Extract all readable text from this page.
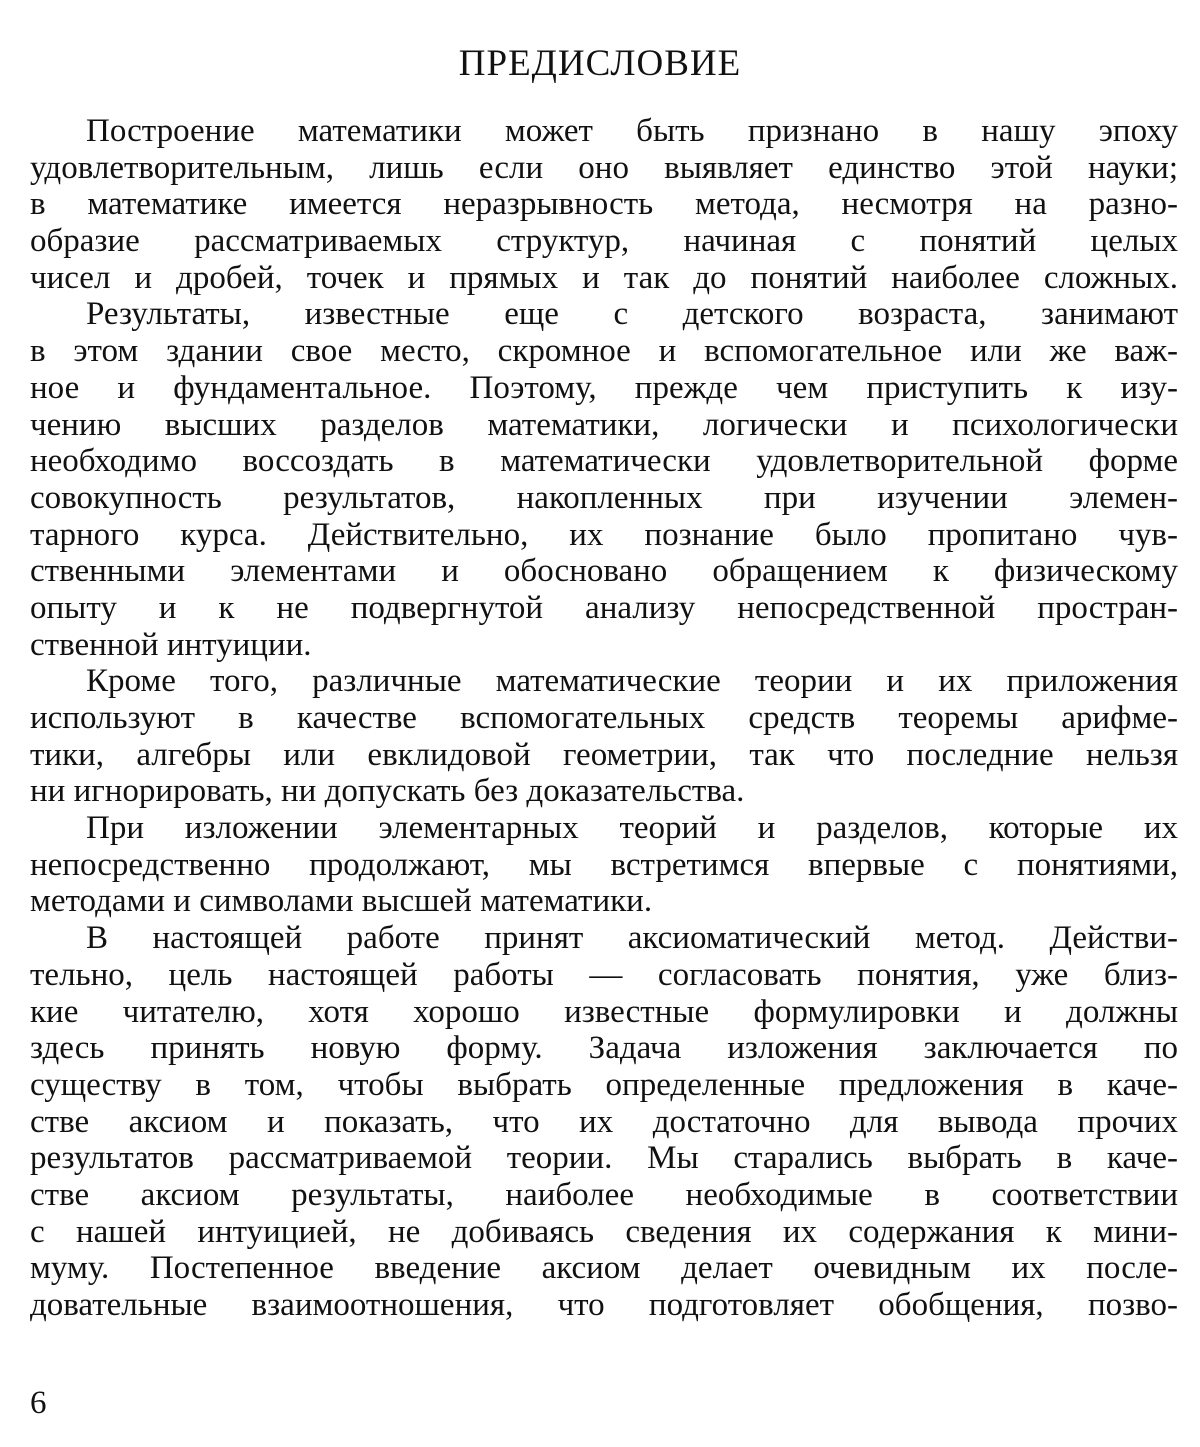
ПРЕДИСЛОВИЕ
Построение математики может быть признано в нашу эпоху
удовлетворительным, лишь если оно выявляет единство этой науки;
в математике имеется неразрывность метода, несмотря на разно-
образие рассматриваемых структур, начиная с понятий целых
чисел и дробей, точек и прямых и так до понятий наиболее сложных.
Результаты, известные еще с детского возраста, занимают
в этом здании свое место, скромное и вспомогательное или же важ-
ное и фундаментальное. Поэтому, прежде чем приступить к изу-
чению высших разделов математики, логически и психологически
необходимо воссоздать в математически удовлетворительной форме
совокупность результатов, накопленных при изучении элемен-
тарного курса. Действительно, их познание было пропитано чув-
ственными элементами и обосновано обращением к физическому
опыту и к не подвергнутой анализу непосредственной простран-
ственной интуиции.
Кроме того, различные математические теории и их приложения
используют в качестве вспомогательных средств теоремы арифме-
тики, алгебры или евклидовой геометрии, так что последние нельзя
ни игнорировать, ни допускать без доказательства.
При изложении элементарных теорий и разделов, которые их
непосредственно продолжают, мы встретимся впервые с понятиями,
методами и символами высшей математики.
В настоящей работе принят аксиоматический метод. Действи-
тельно, цель настоящей работы — согласовать понятия, уже близ-
кие читателю, хотя хорошо известные формулировки и должны
здесь принять новую форму. Задача изложения заключается по
существу в том, чтобы выбрать определенные предложения в каче-
стве аксиом и показать, что их достаточно для вывода прочих
результатов рассматриваемой теории. Мы старались выбрать в каче-
стве аксиом результаты, наиболее необходимые в соответствии
с нашей интуицией, не добиваясь сведения их содержания к мини-
муму. Постепенное введение аксиом делает очевидным их после-
довательные взаимоотношения, что подготовляет обобщения, позво-

6
